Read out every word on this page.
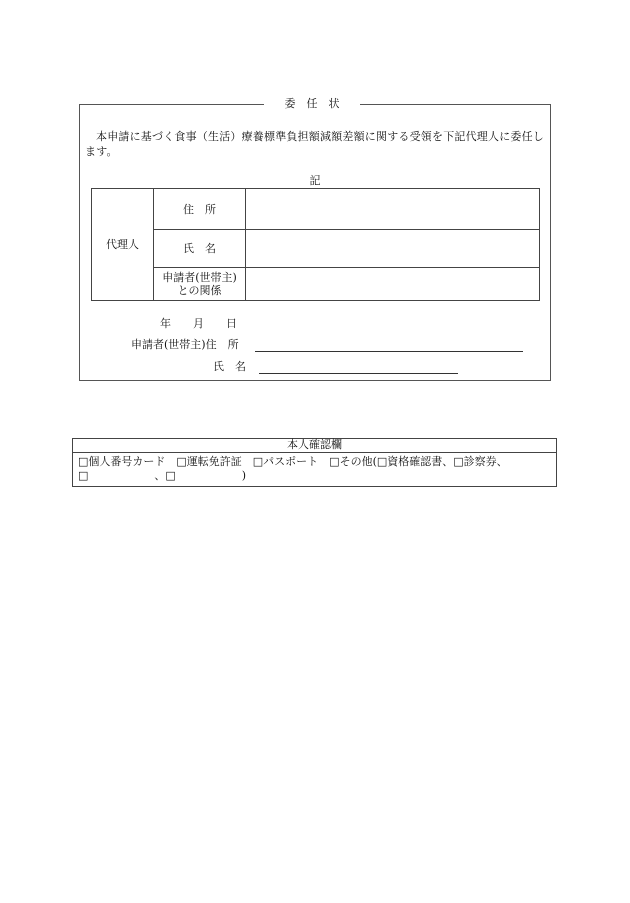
委　任　状
本申請に基づく食事（生活）療養標準負担額減額差額に関する受領を下記代理人に委任します。
記
代理人	住　所	
	氏　名	

	申請者(世帯主)
との関係	

年　　月　　日
申請者(世帯主)住　所
氏　名
本人確認欄
□個人番号カード　□運転免許証　□パスポート　□その他(□資格確認書、□診察券、
□　　　　　　、□　　　　　　)
